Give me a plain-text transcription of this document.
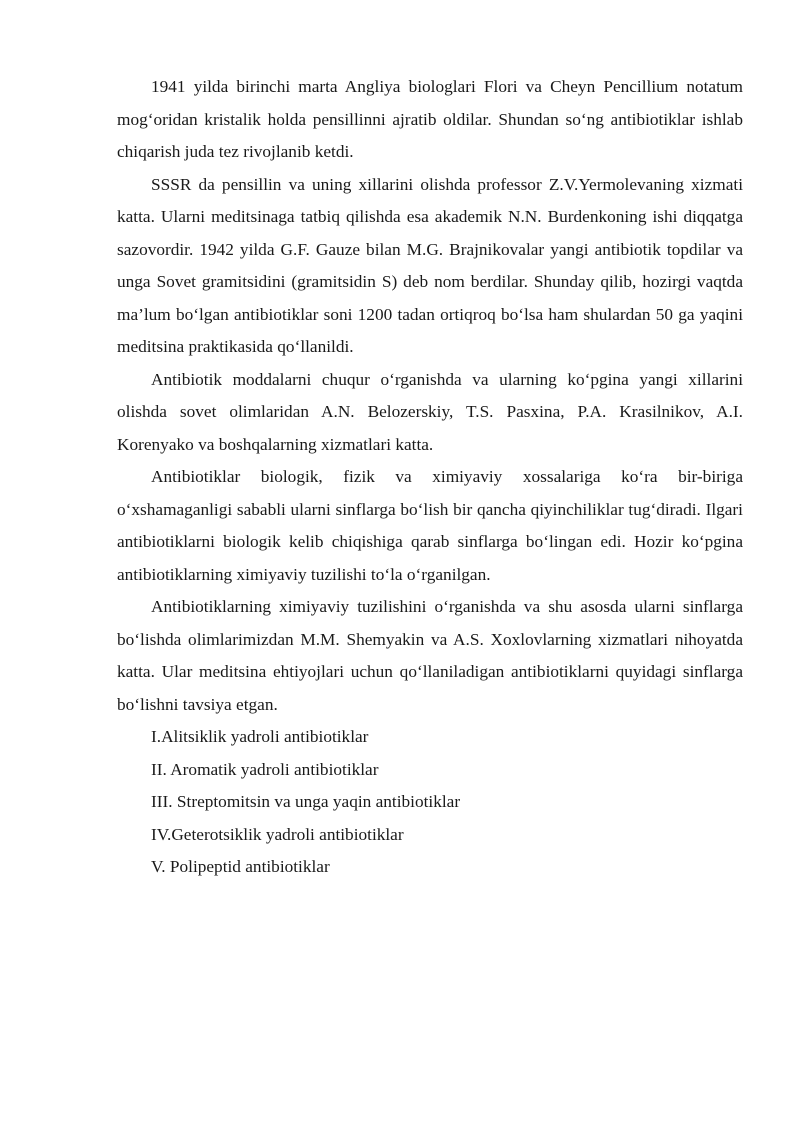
1941 yilda birinchi marta Angliya biologlari Flori va Cheyn Pencillium notatum mog‘oridan kristalik holda pensillinni ajratib oldilar. Shundan so‘ng antibiotiklar ishlab chiqarish juda tez rivojlanib ketdi.

SSSR da pensillin va uning xillarini olishda professor Z.V.Yermolevaning xizmati katta. Ularni meditsinaga tatbiq qilishda esa akademik N.N. Burdenkoning ishi diqqatga sazovordir. 1942 yilda G.F. Gauze bilan M.G. Brajnikovalar yangi antibiotik topdilar va unga Sovet gramitsidini (gramitsidin S) deb nom berdilar. Shunday qilib, hozirgi vaqtda ma’lum bo‘lgan antibiotiklar soni 1200 tadan ortiqroq bo‘lsa ham shulardan 50 ga yaqini meditsina praktikasida qo‘llanildi.

Antibiotik moddalarni chuqur o‘rganishda va ularning ko‘pgina yangi xillarini olishda sovet olimlaridan A.N. Belozerskiy, T.S. Pasxina, P.A. Krasilnikov, A.I. Korenyako va boshqalarning xizmatlari katta.

Antibiotiklar biologik, fizik va ximiyaviy xossalariga ko‘ra bir-biriga o‘xshamaganligi sababli ularni sinflarga bo‘lish bir qancha qiyinchiliklar tug‘diradi. Ilgari antibiotiklarni biologik kelib chiqishiga qarab sinflarga bo‘lingan edi. Hozir ko‘pgina antibiotiklarning ximiyaviy tuzilishi to‘la o‘rganilgan.

Antibiotiklarning ximiyaviy tuzilishini o‘rganishda va shu asosda ularni sinflarga bo‘lishda olimlarimizdan M.M. Shemyakin va A.S. Xoxlovlarning xizmatlari nihoyatda katta. Ular meditsina ehtiyojlari uchun qo‘llaniladigan antibiotiklarni quyidagi sinflarga bo‘lishni tavsiya etgan.

I.Alitsiklik yadroli antibiotiklar
II. Aromatik yadroli antibiotiklar
III. Streptomitsin va unga yaqin antibiotiklar
IV.Geterotsiklik yadroli antibiotiklar
V. Polipeptid antibiotiklar
